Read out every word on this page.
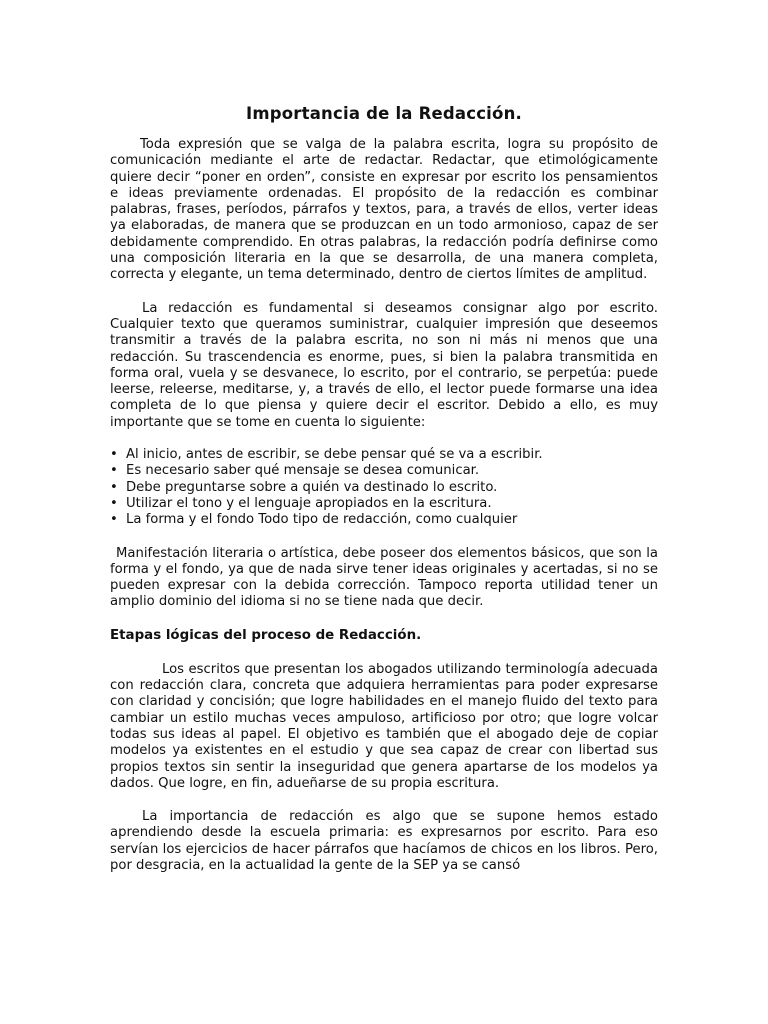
Importancia de la Redacción.

Toda expresión que se valga de la palabra escrita, logra su propósito de comunicación mediante el arte de redactar. Redactar, que etimológicamente quiere decir “poner en orden”, consiste en expresar por escrito los pensamientos e ideas previamente ordenadas. El propósito de la redacción es combinar palabras, frases, períodos, párrafos y textos, para, a través de ellos, verter ideas ya elaboradas, de manera que se produzcan en un todo armonioso, capaz de ser debidamente comprendido. En otras palabras, la redacción podría definirse como una composición literaria en la que se desarrolla, de una manera completa, correcta y elegante, un tema determinado, dentro de ciertos límites de amplitud.

La redacción es fundamental si deseamos consignar algo por escrito. Cualquier texto que queramos suministrar, cualquier impresión que deseemos transmitir a través de la palabra escrita, no son ni más ni menos que una redacción. Su trascendencia es enorme, pues, si bien la palabra transmitida en forma oral, vuela y se desvanece, lo escrito, por el contrario, se perpetúa: puede leerse, releerse, meditarse, y, a través de ello, el lector puede formarse una idea completa de lo que piensa y quiere decir el escritor. Debido a ello, es muy importante que se tome en cuenta lo siguiente:

• Al inicio, antes de escribir, se debe pensar qué se va a escribir.
• Es necesario saber qué mensaje se desea comunicar.
• Debe preguntarse sobre a quién va destinado lo escrito.
• Utilizar el tono y el lenguaje apropiados en la escritura.
• La forma y el fondo Todo tipo de redacción, como cualquier

Manifestación literaria o artística, debe poseer dos elementos básicos, que son la forma y el fondo, ya que de nada sirve tener ideas originales y acertadas, si no se pueden expresar con la debida corrección. Tampoco reporta utilidad tener un amplio dominio del idioma si no se tiene nada que decir.

Etapas lógicas del proceso de Redacción.

Los escritos que presentan los abogados utilizando terminología adecuada con redacción clara, concreta que adquiera herramientas para poder expresarse con claridad y concisión; que logre habilidades en el manejo fluido del texto para cambiar un estilo muchas veces ampuloso, artificioso por otro; que logre volcar todas sus ideas al papel. El objetivo es también que el abogado deje de copiar modelos ya existentes en el estudio y que sea capaz de crear con libertad sus propios textos sin sentir la inseguridad que genera apartarse de los modelos ya dados. Que logre, en fin, adueñarse de su propia escritura.

La importancia de redacción es algo que se supone hemos estado aprendiendo desde la escuela primaria: es expresarnos por escrito. Para eso servían los ejercicios de hacer párrafos que hacíamos de chicos en los libros. Pero, por desgracia, en la actualidad la gente de la SEP ya se cansó
